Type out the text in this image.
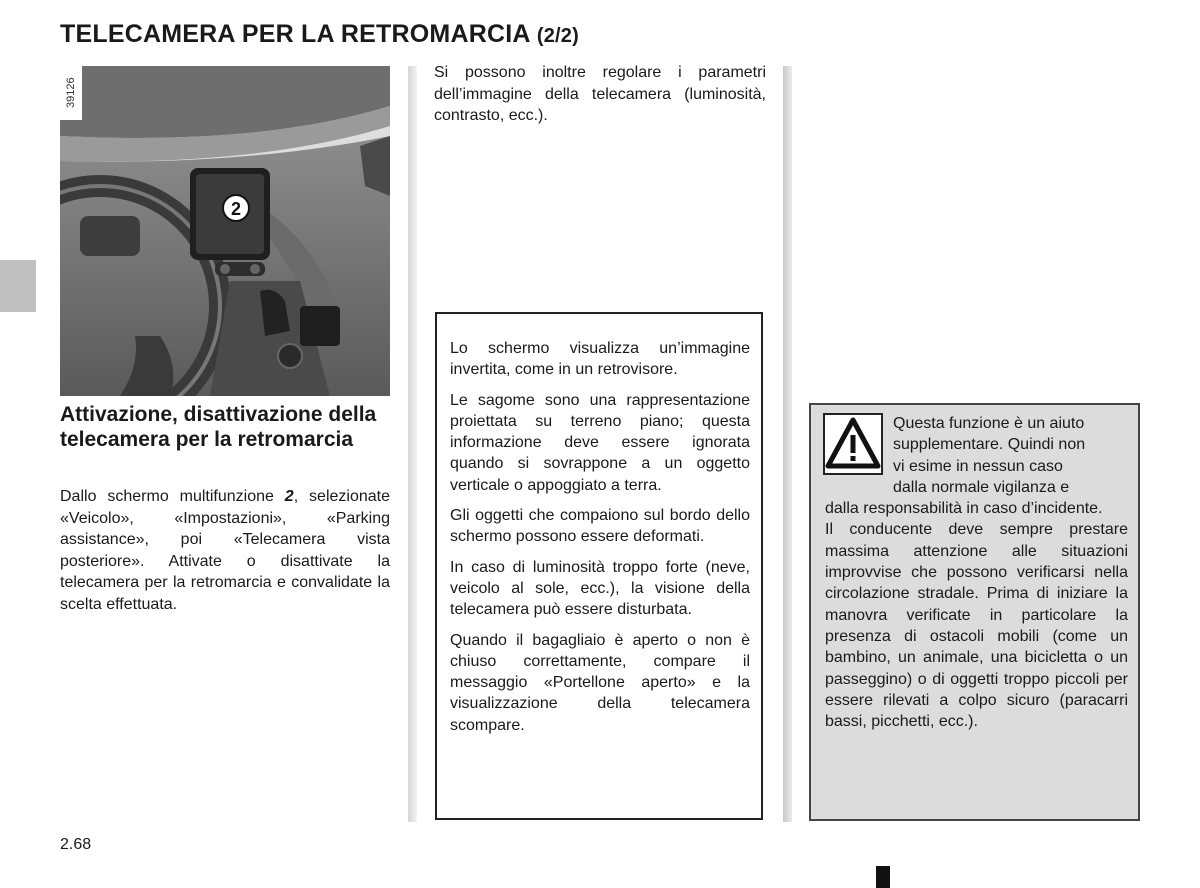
TELECAMERA PER LA RETROMARCIA (2/2)
2
39126
Attivazione, disattivazione della telecamera per la retromarcia
Dallo schermo multifunzione 2, selezionate «Veicolo», «Impostazioni», «Parking assistance», poi «Telecamera vista posteriore». Attivate o disattivate la telecamera per la retromarcia e convalidate la scelta effettuata.
Si possono inoltre regolare i parametri dell’immagine della telecamera (luminosità, contrasto, ecc.).

Lo schermo visualizza un’immagine invertita, come in un retrovisore.

Le sagome sono una rappresentazione proiettata su terreno piano; questa informazione deve essere ignorata quando si sovrappone a un oggetto verticale o appoggiato a terra.

Gli oggetti che compaiono sul bordo dello schermo possono essere deformati.

In caso di luminosità troppo forte (neve, veicolo al sole, ecc.), la visione della telecamera può essere disturbata.

Quando il bagagliaio è aperto o non è chiuso correttamente, compare il messaggio «Portellone aperto» e la visualizzazione della telecamera scompare.

Questa funzione è un aiuto
supplementare. Quindi non
vi esime in nessun caso
dalla normale vigilanza e

dalla responsabilità in caso d’incidente.

Il conducente deve sempre prestare massima attenzione alle situazioni improvvise che possono verificarsi nella circolazione stradale. Prima di iniziare la manovra verificate in particolare la presenza di ostacoli mobili (come un bambino, un animale, una bicicletta o un passeggino) o di oggetti troppo piccoli per essere rilevati a colpo sicuro (paracarri bassi, picchetti, ecc.).

2.68
